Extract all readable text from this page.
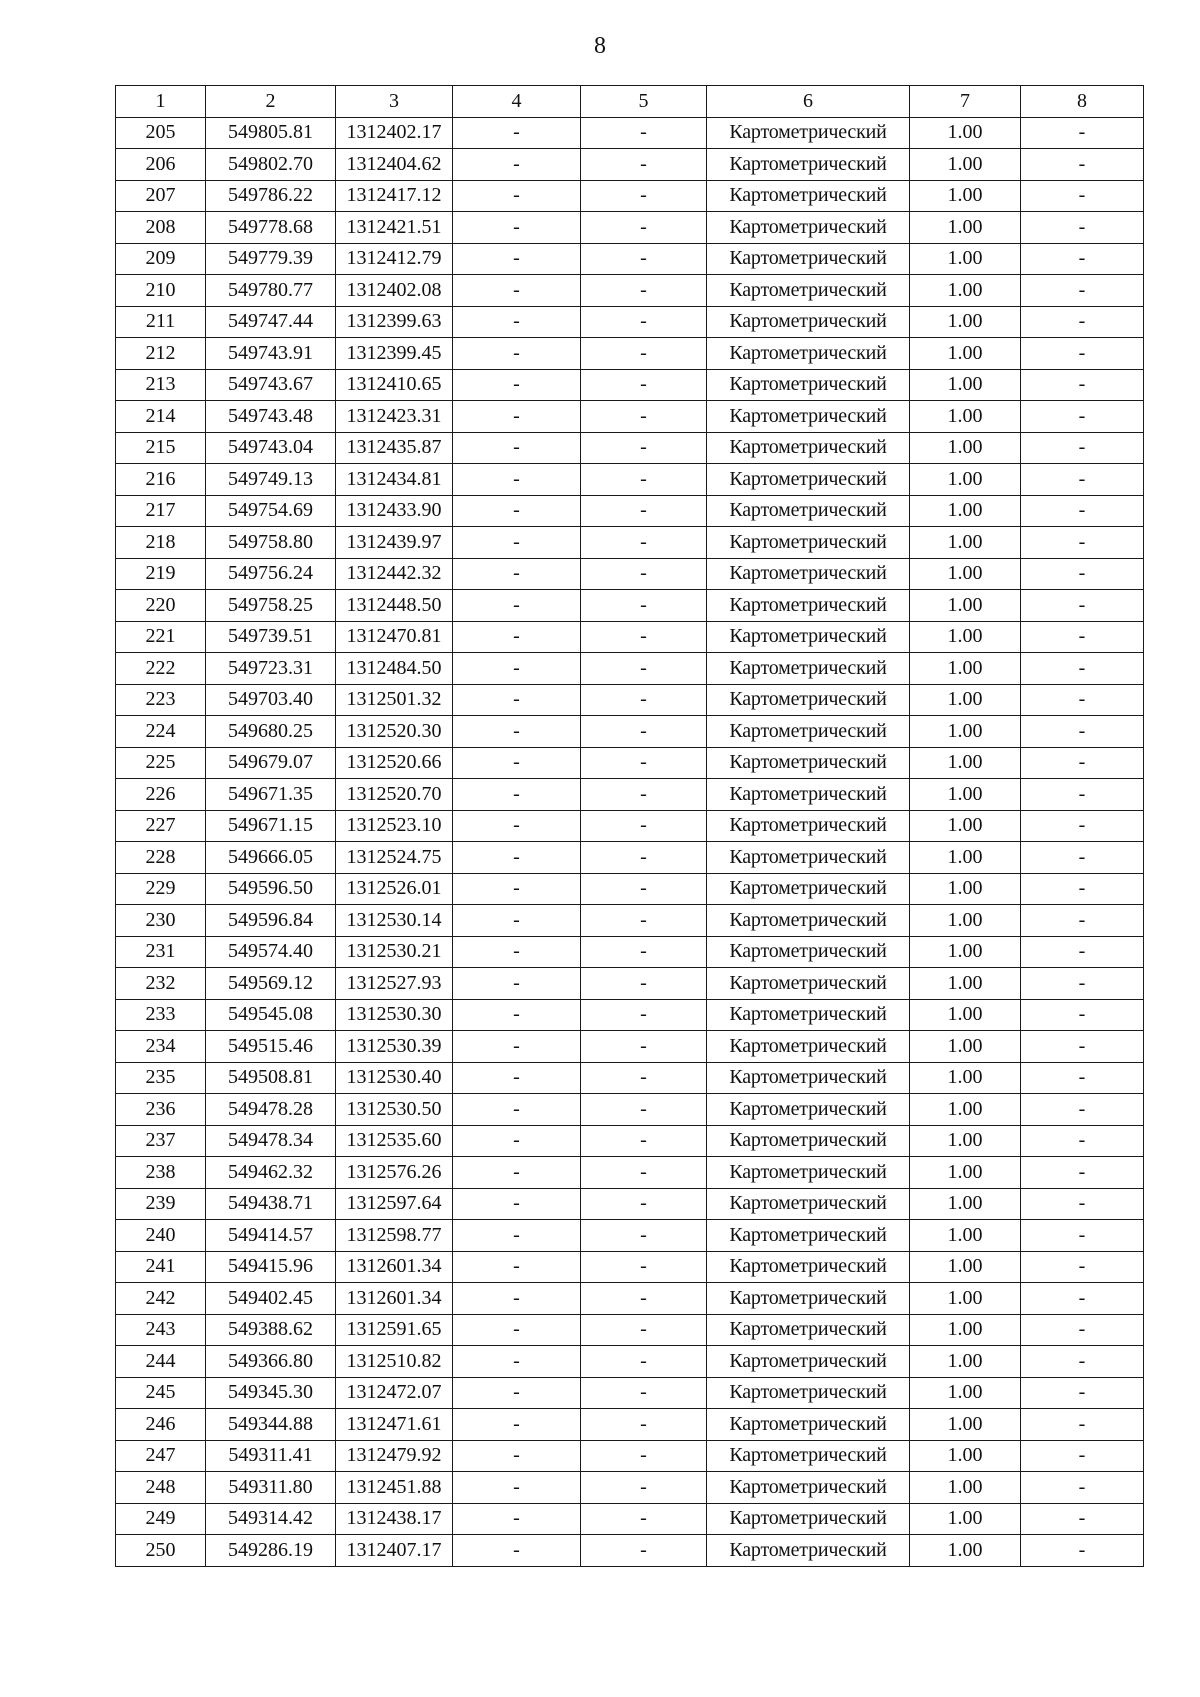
8
1	2	3	4	5	6	7	8
205	549805.81	1312402.17	-	-	Картометрический	1.00	-
206	549802.70	1312404.62	-	-	Картометрический	1.00	-
207	549786.22	1312417.12	-	-	Картометрический	1.00	-
208	549778.68	1312421.51	-	-	Картометрический	1.00	-
209	549779.39	1312412.79	-	-	Картометрический	1.00	-
210	549780.77	1312402.08	-	-	Картометрический	1.00	-
211	549747.44	1312399.63	-	-	Картометрический	1.00	-
212	549743.91	1312399.45	-	-	Картометрический	1.00	-
213	549743.67	1312410.65	-	-	Картометрический	1.00	-
214	549743.48	1312423.31	-	-	Картометрический	1.00	-
215	549743.04	1312435.87	-	-	Картометрический	1.00	-
216	549749.13	1312434.81	-	-	Картометрический	1.00	-
217	549754.69	1312433.90	-	-	Картометрический	1.00	-
218	549758.80	1312439.97	-	-	Картометрический	1.00	-
219	549756.24	1312442.32	-	-	Картометрический	1.00	-
220	549758.25	1312448.50	-	-	Картометрический	1.00	-
221	549739.51	1312470.81	-	-	Картометрический	1.00	-
222	549723.31	1312484.50	-	-	Картометрический	1.00	-
223	549703.40	1312501.32	-	-	Картометрический	1.00	-
224	549680.25	1312520.30	-	-	Картометрический	1.00	-
225	549679.07	1312520.66	-	-	Картометрический	1.00	-
226	549671.35	1312520.70	-	-	Картометрический	1.00	-
227	549671.15	1312523.10	-	-	Картометрический	1.00	-
228	549666.05	1312524.75	-	-	Картометрический	1.00	-
229	549596.50	1312526.01	-	-	Картометрический	1.00	-
230	549596.84	1312530.14	-	-	Картометрический	1.00	-
231	549574.40	1312530.21	-	-	Картометрический	1.00	-
232	549569.12	1312527.93	-	-	Картометрический	1.00	-
233	549545.08	1312530.30	-	-	Картометрический	1.00	-
234	549515.46	1312530.39	-	-	Картометрический	1.00	-
235	549508.81	1312530.40	-	-	Картометрический	1.00	-
236	549478.28	1312530.50	-	-	Картометрический	1.00	-
237	549478.34	1312535.60	-	-	Картометрический	1.00	-
238	549462.32	1312576.26	-	-	Картометрический	1.00	-
239	549438.71	1312597.64	-	-	Картометрический	1.00	-
240	549414.57	1312598.77	-	-	Картометрический	1.00	-
241	549415.96	1312601.34	-	-	Картометрический	1.00	-
242	549402.45	1312601.34	-	-	Картометрический	1.00	-
243	549388.62	1312591.65	-	-	Картометрический	1.00	-
244	549366.80	1312510.82	-	-	Картометрический	1.00	-
245	549345.30	1312472.07	-	-	Картометрический	1.00	-
246	549344.88	1312471.61	-	-	Картометрический	1.00	-
247	549311.41	1312479.92	-	-	Картометрический	1.00	-
248	549311.80	1312451.88	-	-	Картометрический	1.00	-
249	549314.42	1312438.17	-	-	Картометрический	1.00	-
250	549286.19	1312407.17	-	-	Картометрический	1.00	-
